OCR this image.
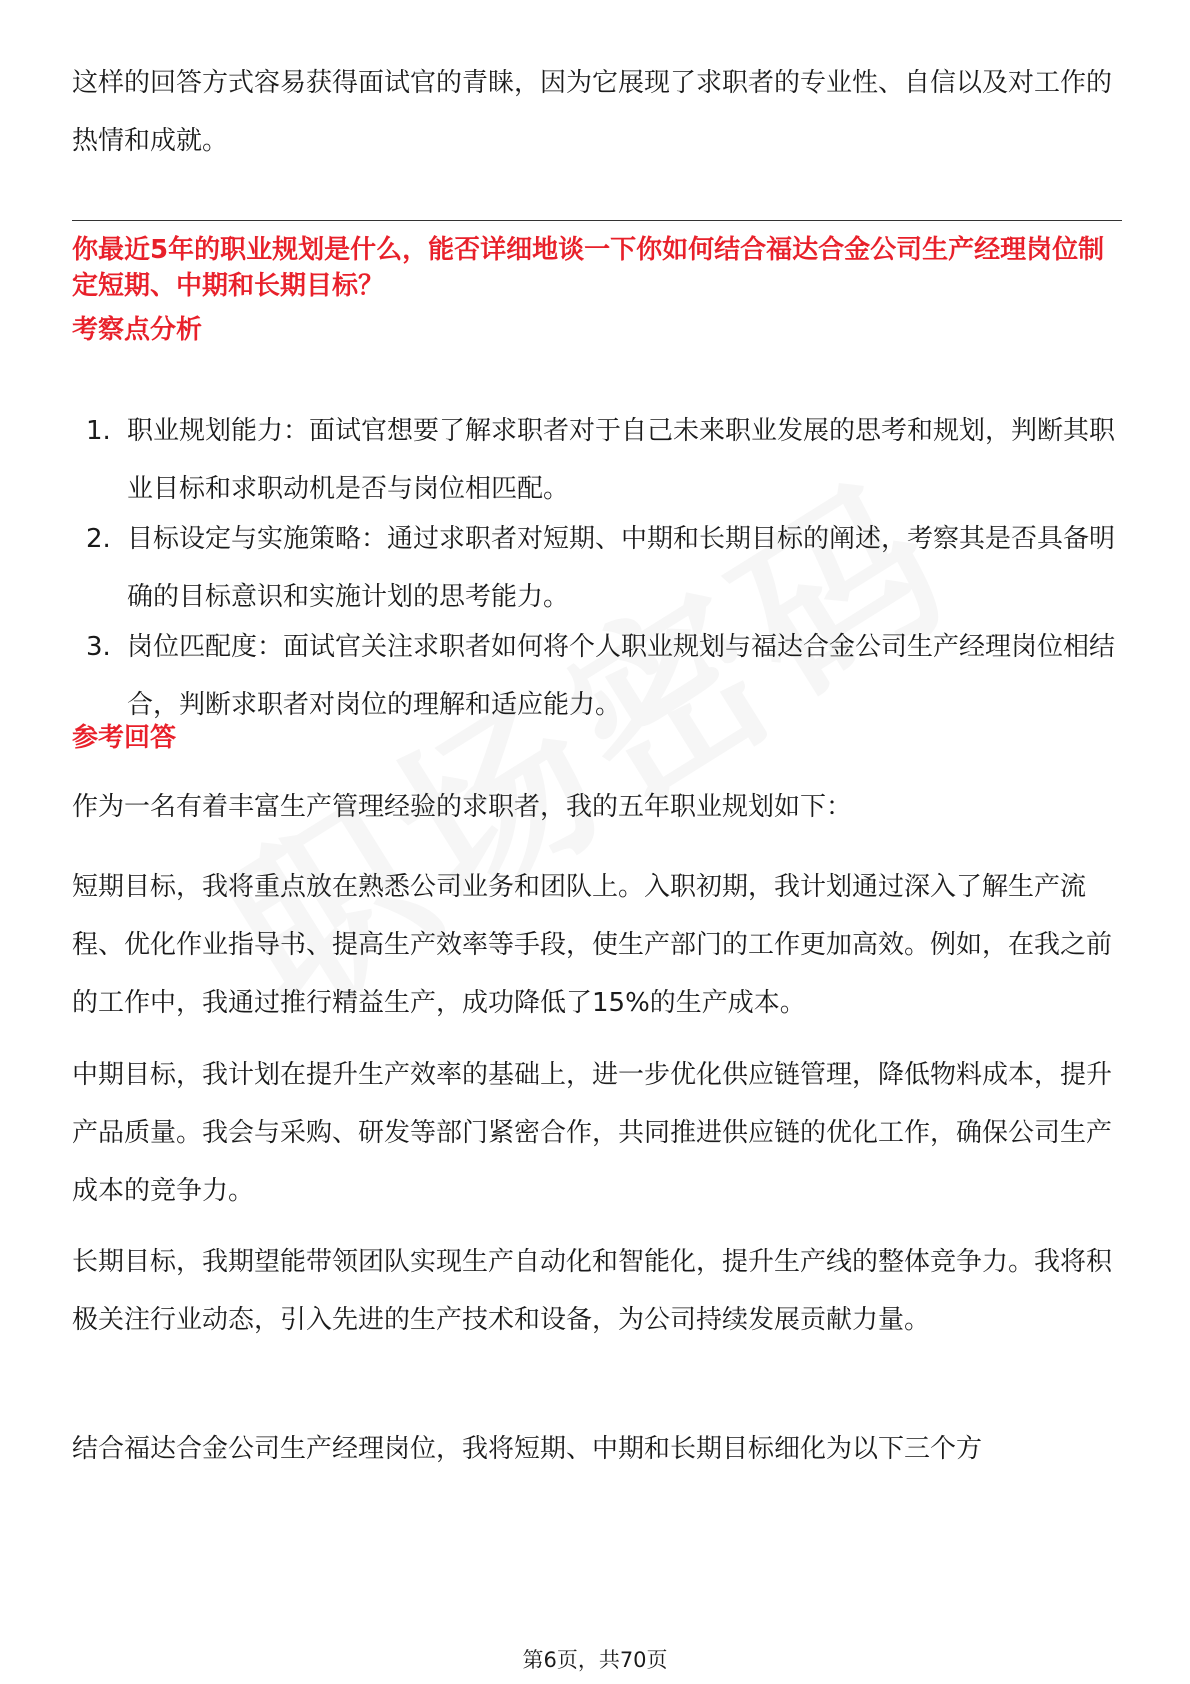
这样的回答方式容易获得面试官的青睐，因为它展现了求职者的专业性、自信以及对工作的热情和成就。

你最近5年的职业规划是什么，能否详细地谈一下你如何结合福达合金公司生产经理岗位制定短期、中期和长期目标？

考察点分析

1. 职业规划能力：面试官想要了解求职者对于自己未来职业发展的思考和规划，判断其职业目标和求职动机是否与岗位相匹配。
2. 目标设定与实施策略：通过求职者对短期、中期和长期目标的阐述，考察其是否具备明确的目标意识和实施计划的思考能力。
3. 岗位匹配度：面试官关注求职者如何将个人职业规划与福达合金公司生产经理岗位相结合，判断求职者对岗位的理解和适应能力。

参考回答

作为一名有着丰富生产管理经验的求职者，我的五年职业规划如下：

短期目标，我将重点放在熟悉公司业务和团队上。入职初期，我计划通过深入了解生产流程、优化作业指导书、提高生产效率等手段，使生产部门的工作更加高效。例如，在我之前的工作中，我通过推行精益生产，成功降低了15%的生产成本。

中期目标，我计划在提升生产效率的基础上，进一步优化供应链管理，降低物料成本，提升产品质量。我会与采购、研发等部门紧密合作，共同推进供应链的优化工作，确保公司生产成本的竞争力。

长期目标，我期望能带领团队实现生产自动化和智能化，提升生产线的整体竞争力。我将积极关注行业动态，引入先进的生产技术和设备，为公司持续发展贡献力量。

结合福达合金公司生产经理岗位，我将短期、中期和长期目标细化为以下三个方

第6页，共70页
